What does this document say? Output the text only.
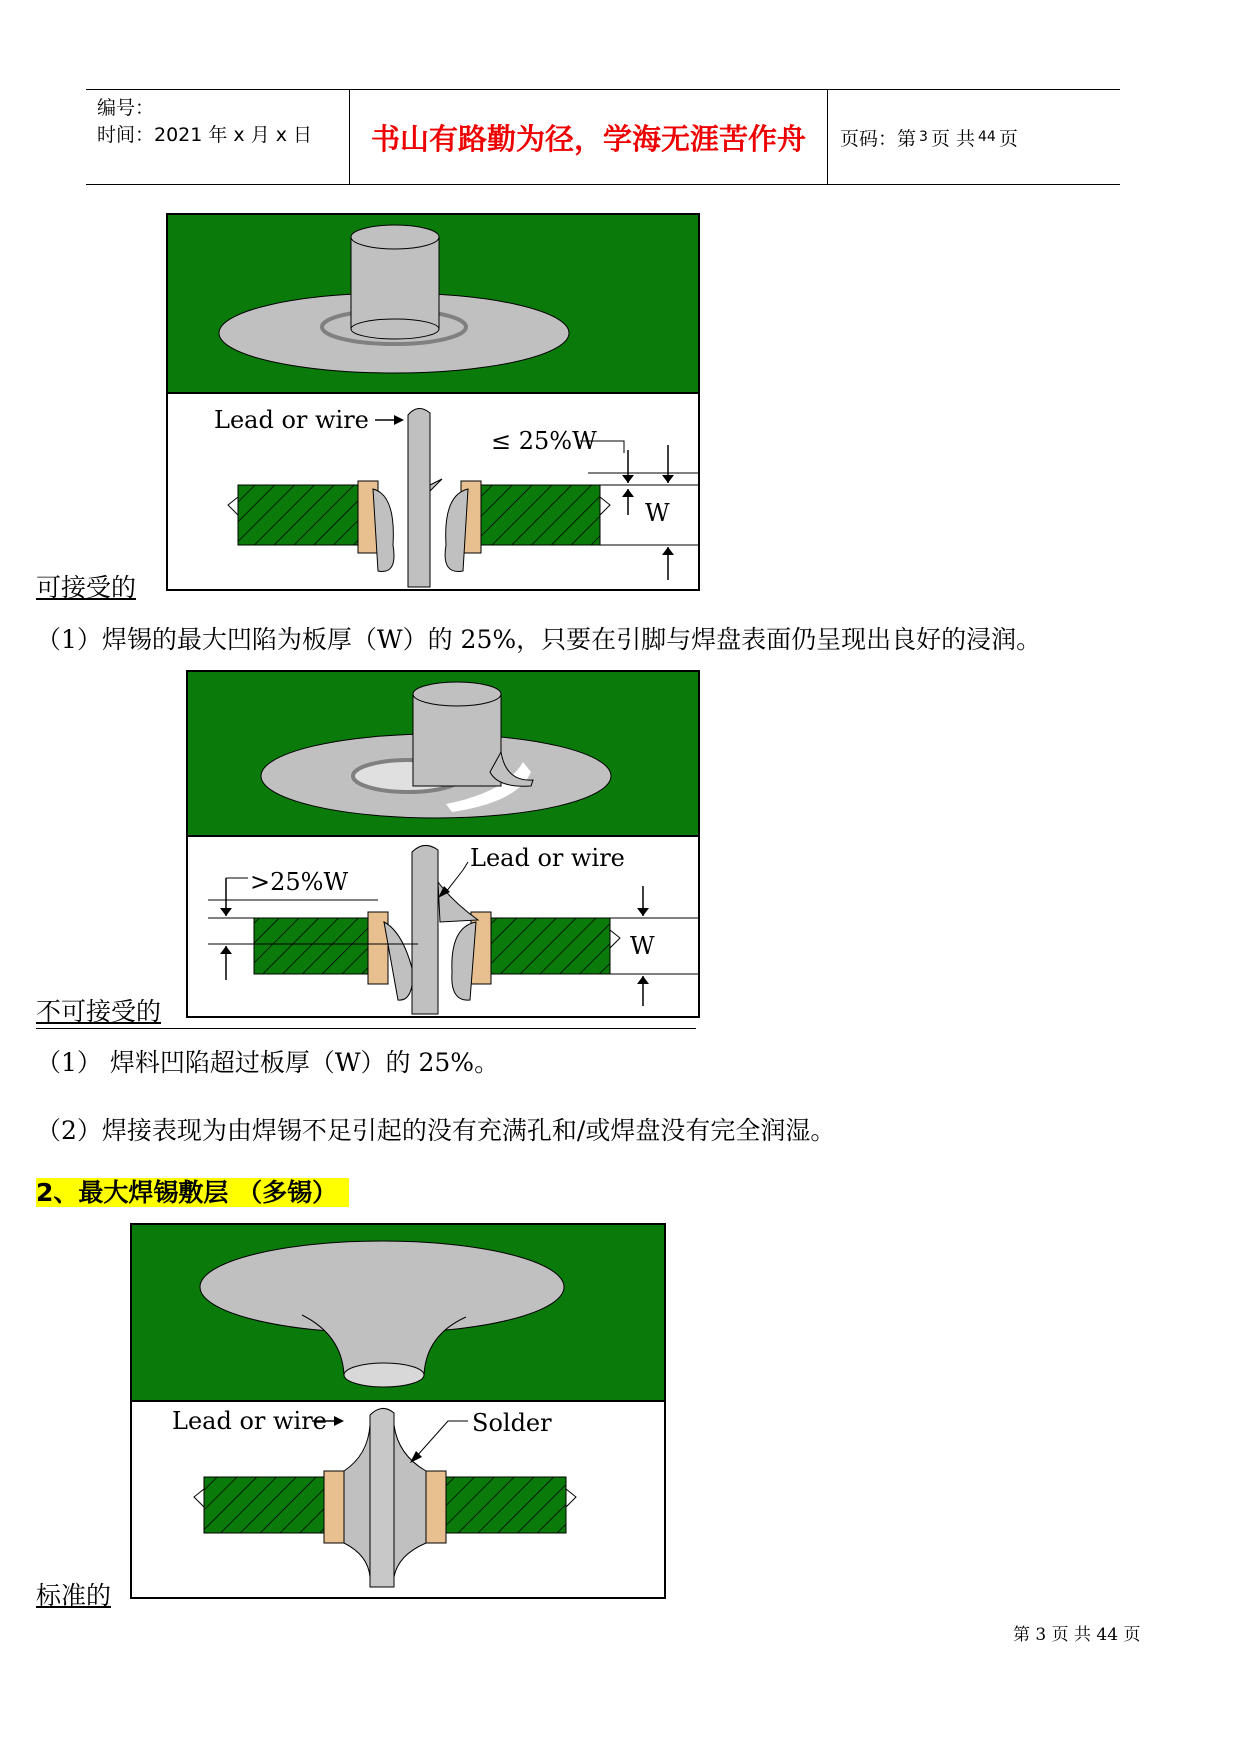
编号：
时间：2021 年 x 月 x 日	书山有路勤为径，学海无涯苦作舟	页码：第 3 页 共 44 页
Lead or wire
≤ 25%W
W
可接受的
（1）焊锡的最大凹陷为板厚（W）的 25%，只要在引脚与焊盘表面仍呈现出良好的浸润。
>25%W
Lead or wire
W
不可接受的
（1） 焊料凹陷超过板厚（W）的 25%。
（2）焊接表现为由焊锡不足引起的没有充满孔和/或焊盘没有完全润湿。
2、最大焊锡敷层 （多锡）
Lead or wire	Solder
标准的
第 3 页 共 44 页
